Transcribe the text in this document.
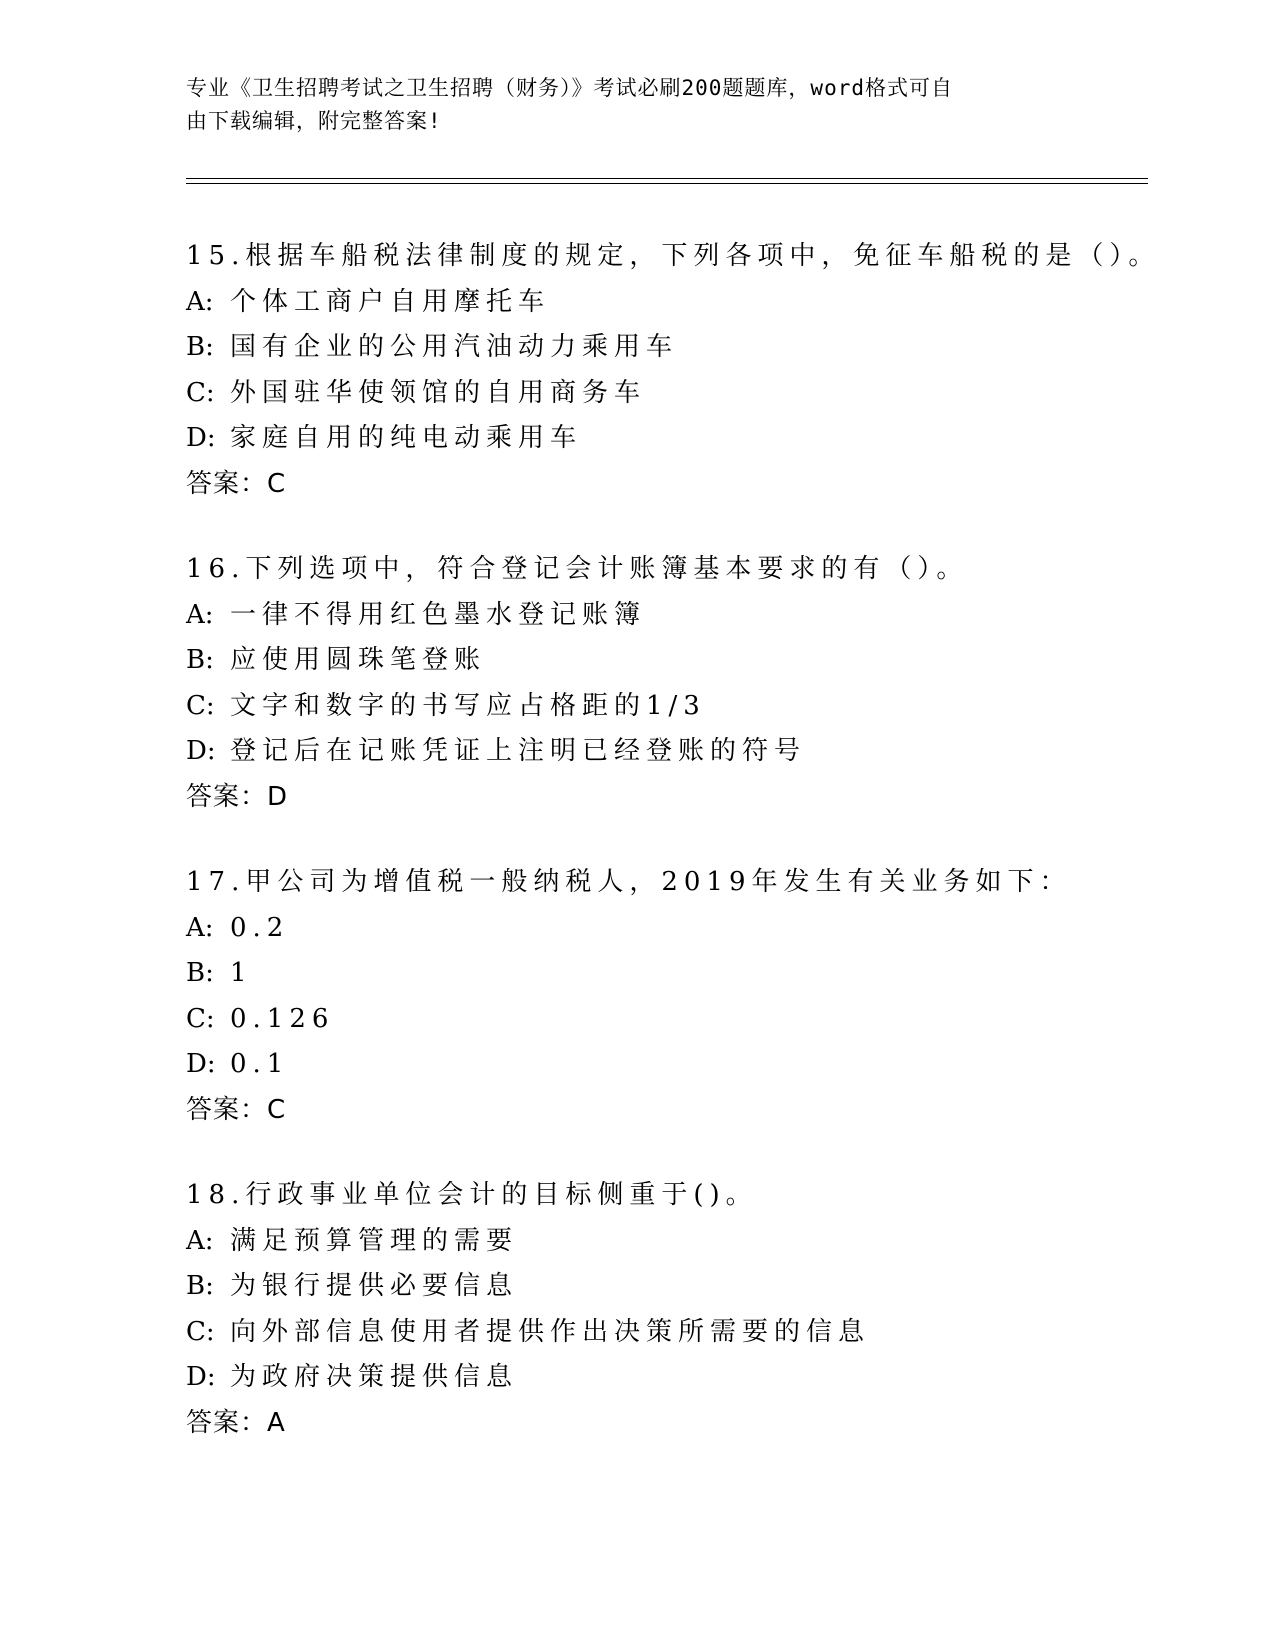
专业《卫生招聘考试之卫生招聘（财务）》考试必刷200题题库，word格式可自
由下载编辑，附完整答案!
15.根据车船税法律制度的规定，下列各项中，免征车船税的是（）。
A: 个体工商户自用摩托车
B: 国有企业的公用汽油动力乘用车
C: 外国驻华使领馆的自用商务车
D: 家庭自用的纯电动乘用车
答案：C
16.下列选项中，符合登记会计账簿基本要求的有（）。
A: 一律不得用红色墨水登记账簿
B: 应使用圆珠笔登账
C: 文字和数字的书写应占格距的1/3
D: 登记后在记账凭证上注明已经登账的符号
答案：D
17.甲公司为增值税一般纳税人，2019年发生有关业务如下：
A: 0.2
B: 1
C: 0.126
D: 0.1
答案：C
18.行政事业单位会计的目标侧重于()。
A: 满足预算管理的需要
B: 为银行提供必要信息
C: 向外部信息使用者提供作出决策所需要的信息
D: 为政府决策提供信息
答案：A
